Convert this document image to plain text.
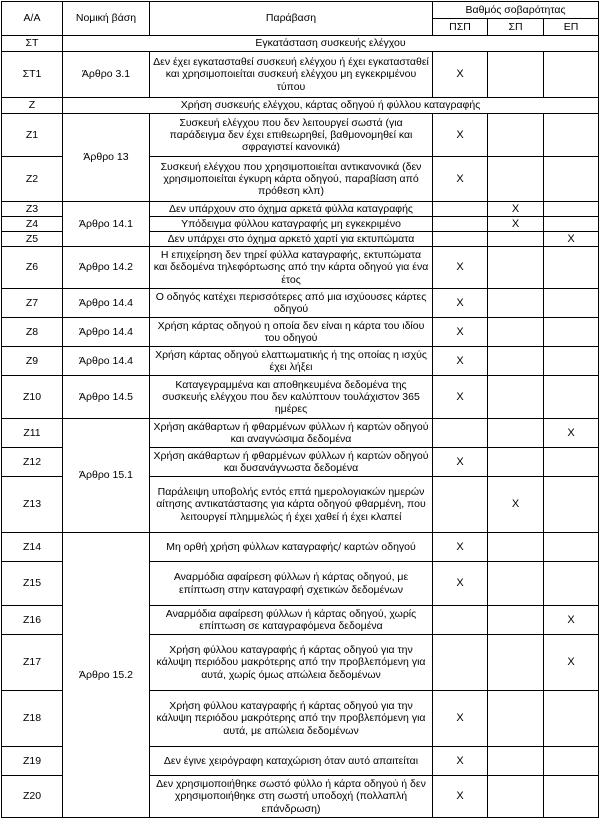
Α/Α	Νομική βάση	Παράβαση	Βαθμός σοβαρότητας		
			ΠΣΠ	ΣΠ	ΕΠ
ΣΤ	Εγκατάσταση συσκευής ελέγχου				
ΣΤ1	Άρθρο 3.1	Δεν έχει εγκατασταθεί συσκευή ελέγχου ή έχει εγκατασταθεί και χρησιμοποιείται συσκευή ελέγχου μη εγκεκριμένου τύπου	X		
Ζ	Χρήση συσκευής ελέγχου, κάρτας οδηγού ή φύλλου καταγραφής				
Ζ1	Άρθρο 13	Συσκευή ελέγχου που δεν λειτουργεί σωστά (για παράδειγμα δεν έχει επιθεωρηθεί, βαθμονομηθεί και σφραγιστεί κανονικά)	X		
Ζ2		Συσκευή ελέγχου που χρησιμοποιείται αντικανονικά (δεν χρησιμοποιείται έγκυρη κάρτα οδηγού, παραβίαση από πρόθεση κλπ)	X		
Ζ3	Άρθρο 14.1	Δεν υπάρχουν στο όχημα αρκετά φύλλα καταγραφής		X	
Ζ4		Υπόδειγμα φύλλου καταγραφής μη εγκεκριμένο		X	
Ζ5		Δεν υπάρχει στο όχημα αρκετό χαρτί για εκτυπώματα			X
Ζ6	Άρθρο 14.2	Η επιχείρηση δεν τηρεί φύλλα καταγραφής, εκτυπώματα και δεδομένα τηλεφόρτωσης από την κάρτα οδηγού για ένα έτος	X		
Ζ7	Άρθρο 14.4	Ο οδηγός κατέχει περισσότερες από μια ισχύουσες κάρτες οδηγού	X		
Ζ8	Άρθρο 14.4	Χρήση κάρτας οδηγού η οποία δεν είναι η κάρτα του ιδίου του οδηγού	X		
Ζ9	Άρθρο 14.4	Χρήση κάρτας οδηγού ελαττωματικής ή της οποίας η ισχύς έχει λήξει	X		
Ζ10	Άρθρο 14.5	Καταγεγραμμένα και αποθηκευμένα δεδομένα της συσκευής ελέγχου που δεν καλύπτουν τουλάχιστον 365 ημέρες	X		
Ζ11	Άρθρο 15.1	Χρήση ακάθαρτων ή φθαρμένων φύλλων ή καρτών οδηγού και αναγνώσιμα δεδομένα			X
Ζ12		Χρήση ακάθαρτων ή φθαρμένων φύλλων ή καρτών οδηγού και δυσανάγνωστα δεδομένα	X		
Ζ13		Παράλειψη υποβολής εντός επτά ημερολογιακών ημερών αίτησης αντικατάστασης για κάρτα οδηγού φθαρμένη, που λειτουργεί πλημμελώς ή έχει χαθεί ή έχει κλαπεί		X	
Ζ14	Άρθρο 15.2	Μη ορθή χρήση φύλλων καταγραφής/ καρτών οδηγού	X		
Ζ15		Αναρμόδια αφαίρεση φύλλων ή κάρτας οδηγού, με επίπτωση στην καταγραφή σχετικών δεδομένων	X		
Ζ16		Αναρμόδια αφαίρεση φύλλων ή κάρτας οδηγού, χωρίς επίπτωση σε καταγραφόμενα δεδομένα			X
Ζ17		Χρήση φύλλου καταγραφής ή κάρτας οδηγού για την κάλυψη περιόδου μακρότερης από την προβλεπόμενη για αυτά, χωρίς όμως απώλεια δεδομένων			X
Ζ18		Χρήση φύλλου καταγραφής ή κάρτας οδηγού για την κάλυψη περιόδου μακρότερης από την προβλεπόμενη για αυτά, με απώλεια δεδομένων	X		
Ζ19		Δεν έγινε χειρόγραφη καταχώριση όταν αυτό απαιτείται	X		
Ζ20		Δεν χρησιμοποιήθηκε σωστό φύλλο ή κάρτα οδηγού ή δεν χρησιμοποιήθηκε στη σωστή υποδοχή (πολλαπλή επάνδρωση)	X		
